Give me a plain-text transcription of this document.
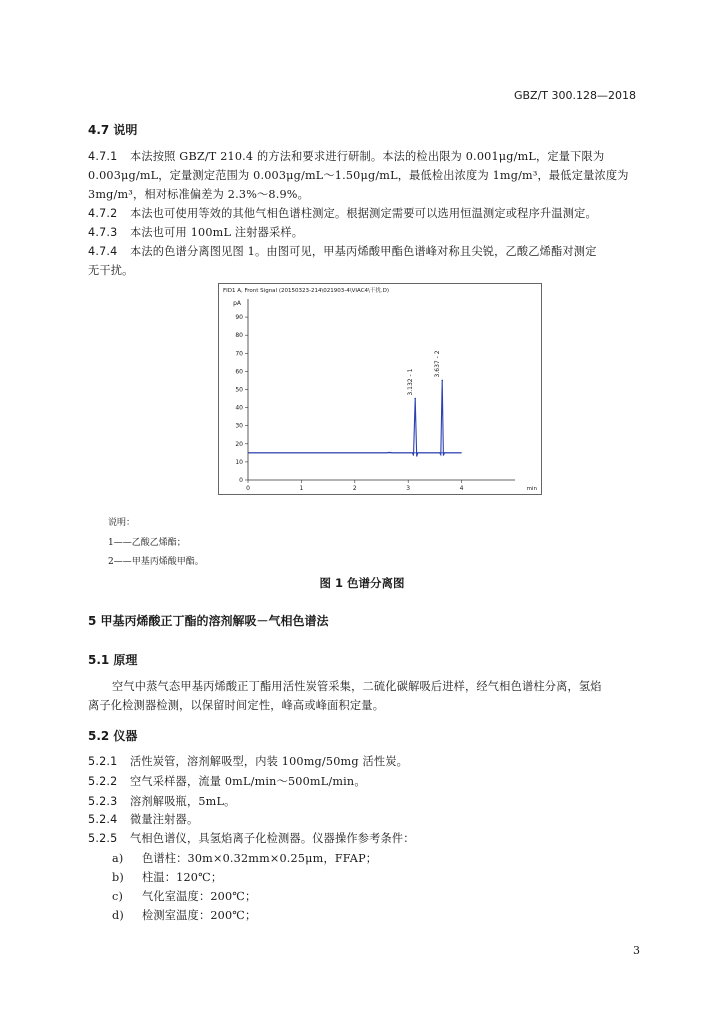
GBZ/T 300.128—2018
4.7 说明
4.7.1 本法按照 GBZ/T 210.4 的方法和要求进行研制。本法的检出限为 0.001μg/mL，定量下限为
0.003μg/mL，定量测定范围为 0.003μg/mL～1.50μg/mL，最低检出浓度为 1mg/m³，最低定量浓度为
3mg/m³，相对标准偏差为 2.3%～8.9%。
4.7.2 本法也可使用等效的其他气相色谱柱测定。根据测定需要可以选用恒温测定或程序升温测定。
4.7.3 本法也可用 100mL 注射器采样。
4.7.4 本法的色谱分离图见图 1。由图可见，甲基丙烯酸甲酯色谱峰对称且尖锐，乙酸乙烯酯对测定
无干扰。
FID1 A, Front Signal (20150323-214\021903-4\VIAC4\干扰.D)
pA
0
10
20
30
40
50
60
70
80
90
0	1	2	3	4	min
3.132 - 1
3.637 - 2
说明：
1——乙酸乙烯酯；
2——甲基丙烯酸甲酯。
图 1 色谱分离图
5 甲基丙烯酸正丁酯的溶剂解吸－气相色谱法
5.1 原理
空气中蒸气态甲基丙烯酸正丁酯用活性炭管采集，二硫化碳解吸后进样，经气相色谱柱分离，氢焰
离子化检测器检测，以保留时间定性，峰高或峰面积定量。
5.2 仪器
5.2.1 活性炭管，溶剂解吸型，内装 100mg/50mg 活性炭。
5.2.2 空气采样器，流量 0mL/min～500mL/min。
5.2.3 溶剂解吸瓶，5mL。
5.2.4 微量注射器。
5.2.5 气相色谱仪，具氢焰离子化检测器。仪器操作参考条件：
a) 色谱柱：30m×0.32mm×0.25μm，FFAP；
b) 柱温：120℃；
c) 气化室温度：200℃；
d) 检测室温度：200℃；
3
